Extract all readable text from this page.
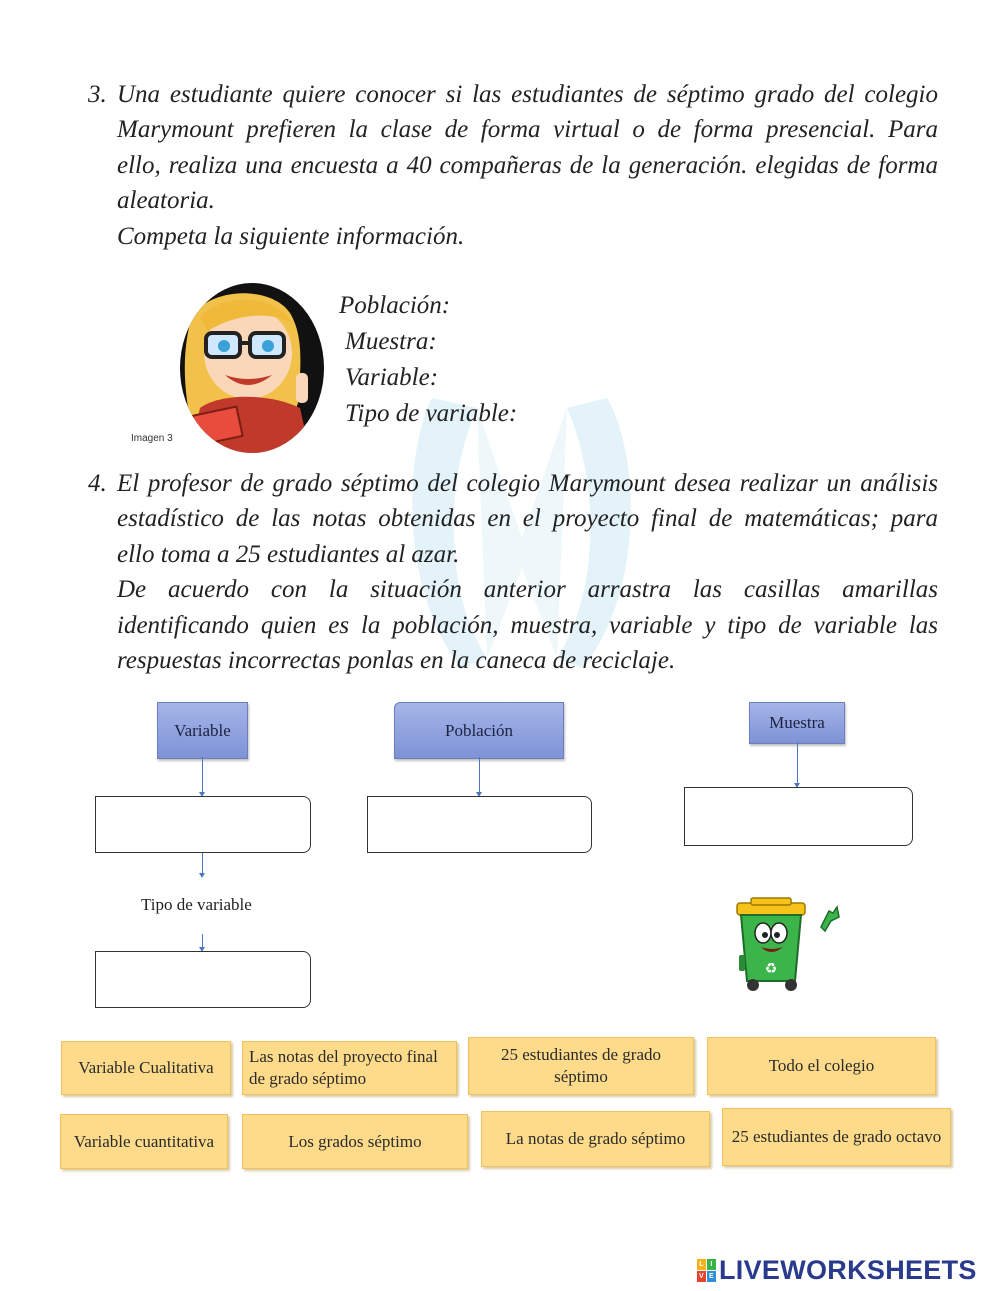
3. Una estudiante quiere conocer si las estudiantes de séptimo grado del colegio
Marymount prefieren la clase de forma virtual o de forma presencial. Para
ello, realiza una encuesta a 40 compañeras de la generación. elegidas de forma
aleatoria.
Competa la siguiente información.
Imagen 3
Población:
Muestra:
Variable:
Tipo de variable:
4. El profesor de grado séptimo del colegio Marymount desea realizar un análisis
estadístico de las notas obtenidas en el proyecto final de matemáticas; para
ello toma a 25 estudiantes al azar.
De acuerdo con la situación anterior arrastra las casillas amarillas
identificando quien es la población, muestra, variable y tipo de variable las
respuestas incorrectas ponlas en la caneca de reciclaje.
Variable	Población	Muestra
Tipo de variable
♻
Variable Cualitativa
Las notas del proyecto final de grado séptimo
25 estudiantes de grado séptimo
Todo el colegio
Variable cuantitativa	Los grados séptimo	La notas de grado séptimo	25 estudiantes de grado octavo
L I
V E LIVEWORKSHEETS
